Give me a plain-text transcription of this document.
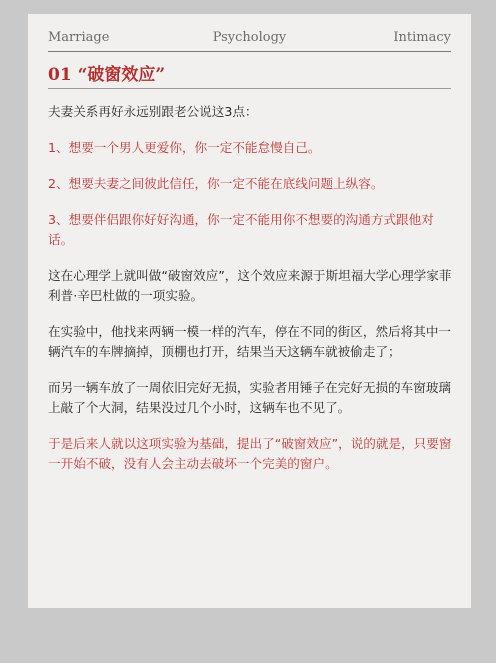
Marriage	Psychology	Intimacy
01 “破窗效应”

夫妻关系再好永远别跟老公说这3点：

1、想要一个男人更爱你，你一定不能怠慢自己。

2、想要夫妻之间彼此信任，你一定不能在底线问题上纵容。

3、想要伴侣跟你好好沟通，你一定不能用你不想要的沟通方式跟他对话。

这在心理学上就叫做“破窗效应”，这个效应来源于斯坦福大学心理学家菲利普·辛巴杜做的一项实验。

在实验中，他找来两辆一模一样的汽车，停在不同的街区，然后将其中一辆汽车的车牌摘掉，顶棚也打开，结果当天这辆车就被偷走了；

而另一辆车放了一周依旧完好无损，实验者用锤子在完好无损的车窗玻璃上敲了个大洞，结果没过几个小时，这辆车也不见了。

于是后来人就以这项实验为基础，提出了“破窗效应”，说的就是，只要窗一开始不破，没有人会主动去破坏一个完美的窗户。
